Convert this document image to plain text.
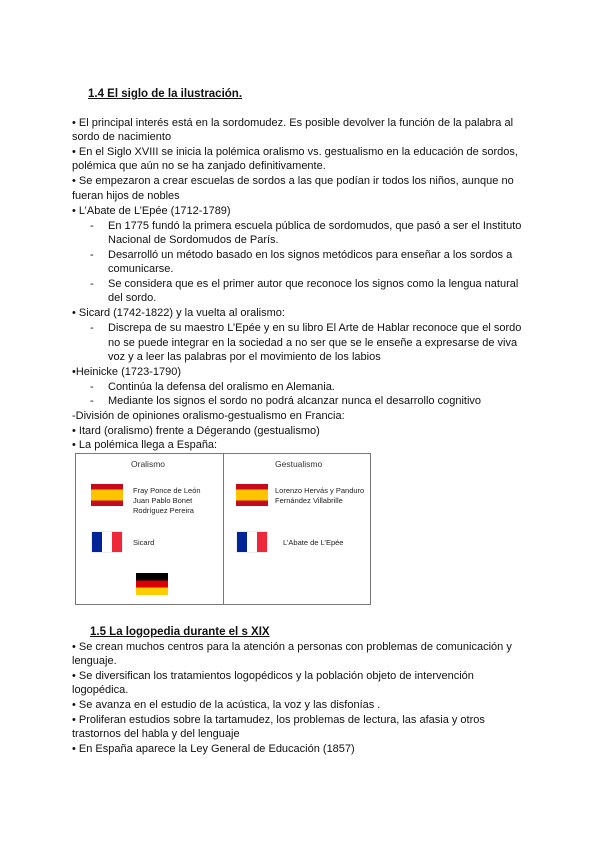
1.4 El siglo de la ilustración.
• El principal interés está en la sordomudez. Es posible devolver la función de la palabra al
sordo de nacimiento
• En el Siglo XVIII se inicia la polémica oralismo vs. gestualismo en la educación de sordos,
polémica que aún no se ha zanjado definitivamente.
• Se empezaron a crear escuelas de sordos a las que podían ir todos los niños, aunque no
fueran hijos de nobles
• L’Abate de L’Epée (1712-1789)
- En 1775 fundó la primera escuela pública de sordomudos, que pasó a ser el Instituto
Nacional de Sordomudos de París.
- Desarrolló un método basado en los signos metódicos para enseñar a los sordos a
comunicarse.
- Se considera que es el primer autor que reconoce los signos como la lengua natural
del sordo.
• Sicard (1742-1822) y la vuelta al oralismo:
- Discrepa de su maestro L’Epée y en su libro El Arte de Hablar reconoce que el sordo
no se puede integrar en la sociedad a no ser que se le enseñe a expresarse de viva
voz y a leer las palabras por el movimiento de los labios
•Heinicke (1723-1790)
- Continúa la defensa del oralismo en Alemania.
- Mediante los signos el sordo no podrá alcanzar nunca el desarrollo cognitivo
-División de opiniones oralismo-gestualismo en Francia:
• Itard (oralismo) frente a Dégerando (gestualismo)
• La polémica llega a España:
Oralismo	Gestualismo
Fray Ponce de León
Juan Pablo Bonet
Rodríguez Pereira
Sicard
Lorenzo Hervás y Panduro
Fernández Villabrille
L’Abate de L’Epée
1.5 La logopedia durante el s XIX
• Se crean muchos centros para la atención a personas con problemas de comunicación y
lenguaje.
• Se diversifican los tratamientos logopédicos y la población objeto de intervención
logopédica.
• Se avanza en el estudio de la acústica, la voz y las disfonías .
• Proliferan estudios sobre la tartamudez, los problemas de lectura, las afasia y otros
trastornos del habla y del lenguaje
• En España aparece la Ley General de Educación (1857)
